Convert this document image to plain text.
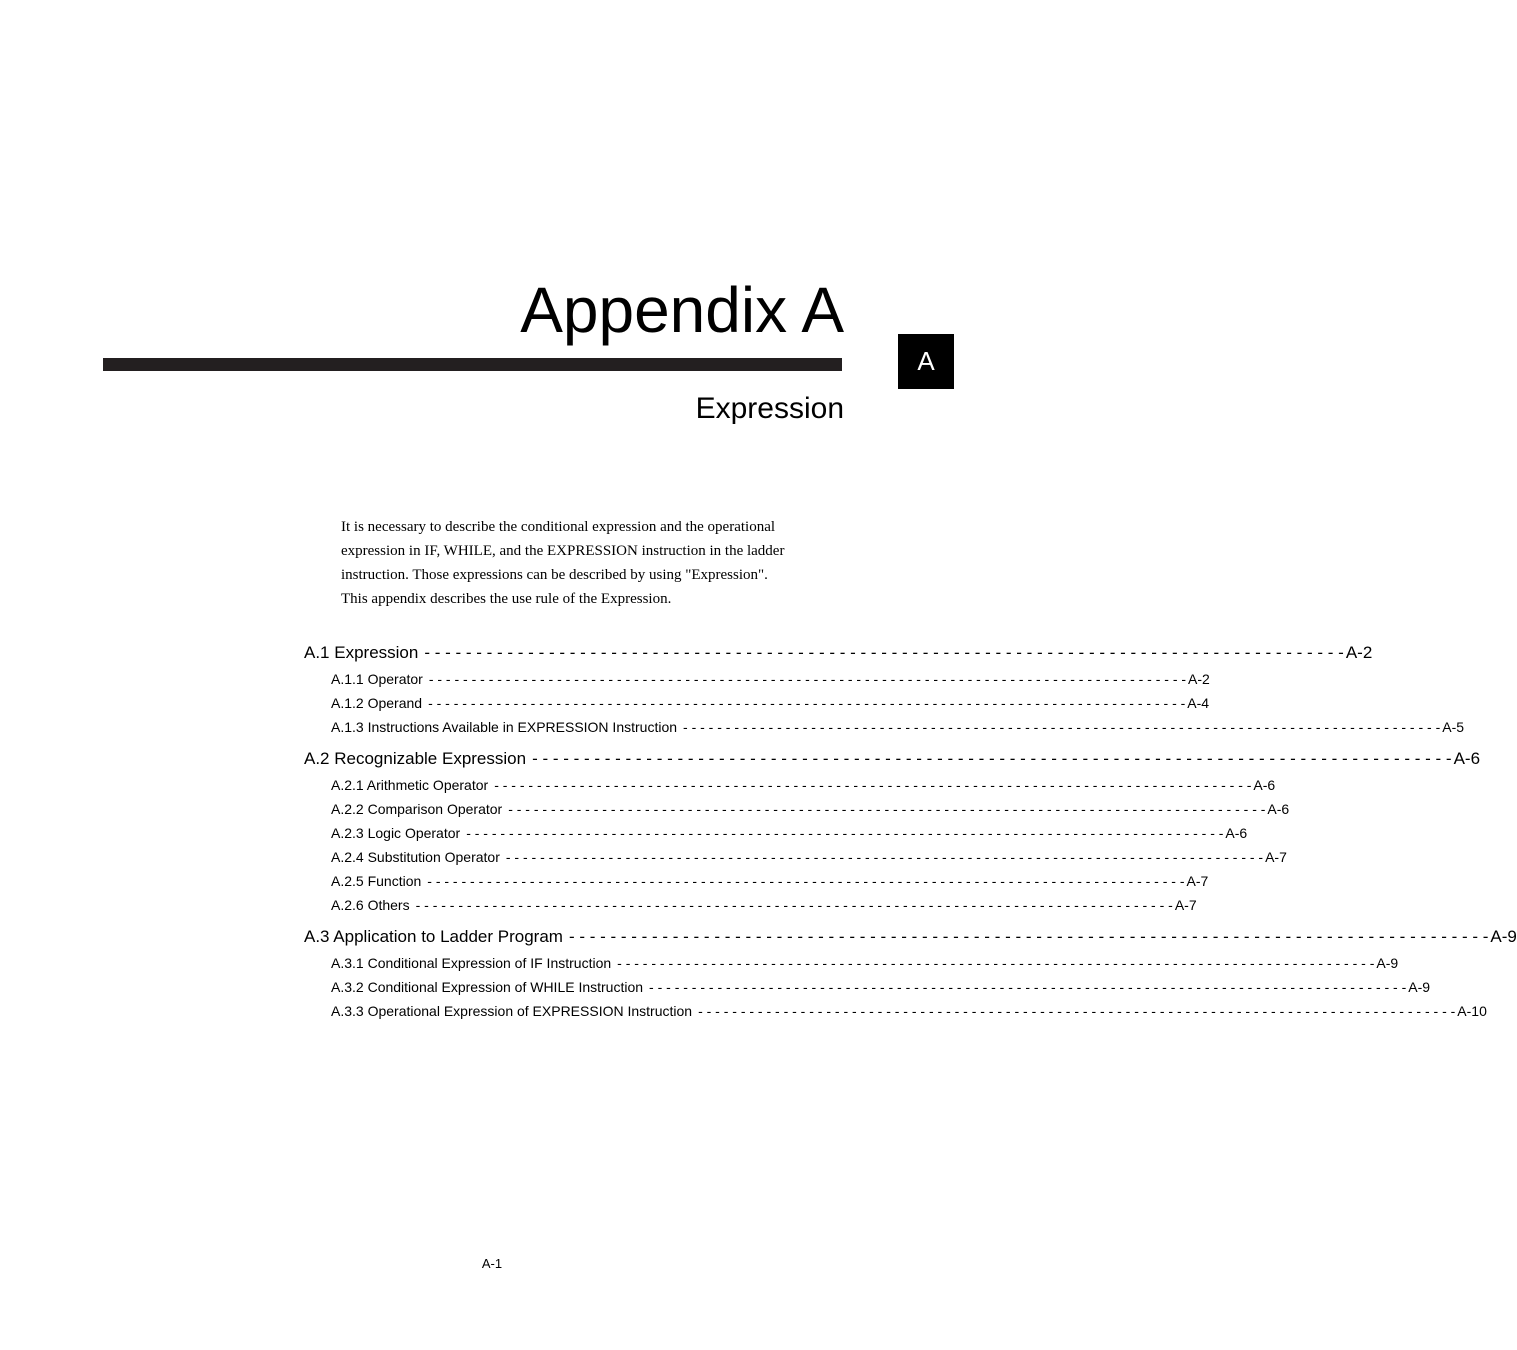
Appendix A
Expression
A
It is necessary to describe the conditional expression and the operational
expression in IF, WHILE, and the EXPRESSION instruction in the ladder
instruction. Those expressions can be described by using "Expression".
This appendix describes the use rule of the Expression.
A.1 Expression - - - - - - - - - - - - - - - - - - - - - - - - - - - - - - - - - - - - - - - - - - - - - - - - - - - - - - - - - - - - - - - - - - - - - - - - - - - - - - - - - - - - - - - - - A-2
A.1.1 Operator - - - - - - - - - - - - - - - - - - - - - - - - - - - - - - - - - - - - - - - - - - - - - - - - - - - - - - - - - - - - - - - - - - - - - - - - - - - - - - - - - - - - - - - - - A-2
A.1.2 Operand - - - - - - - - - - - - - - - - - - - - - - - - - - - - - - - - - - - - - - - - - - - - - - - - - - - - - - - - - - - - - - - - - - - - - - - - - - - - - - - - - - - - - - - - - A-4
A.1.3 Instructions Available in EXPRESSION Instruction - - - - - - - - - - - - - - - - - - - - - - - - - - - - - - - - - - - - - - - - - - - - - - - - - - - - - - - - - - - - - - - - - - - - - - - - - - - - - - - - - - - - - - - - - A-5
A.2 Recognizable Expression - - - - - - - - - - - - - - - - - - - - - - - - - - - - - - - - - - - - - - - - - - - - - - - - - - - - - - - - - - - - - - - - - - - - - - - - - - - - - - - - - - - - - - - - - A-6
A.2.1 Arithmetic Operator - - - - - - - - - - - - - - - - - - - - - - - - - - - - - - - - - - - - - - - - - - - - - - - - - - - - - - - - - - - - - - - - - - - - - - - - - - - - - - - - - - - - - - - - - A-6
A.2.2 Comparison Operator - - - - - - - - - - - - - - - - - - - - - - - - - - - - - - - - - - - - - - - - - - - - - - - - - - - - - - - - - - - - - - - - - - - - - - - - - - - - - - - - - - - - - - - - - A-6
A.2.3 Logic Operator - - - - - - - - - - - - - - - - - - - - - - - - - - - - - - - - - - - - - - - - - - - - - - - - - - - - - - - - - - - - - - - - - - - - - - - - - - - - - - - - - - - - - - - - - A-6
A.2.4 Substitution Operator - - - - - - - - - - - - - - - - - - - - - - - - - - - - - - - - - - - - - - - - - - - - - - - - - - - - - - - - - - - - - - - - - - - - - - - - - - - - - - - - - - - - - - - - - A-7
A.2.5 Function - - - - - - - - - - - - - - - - - - - - - - - - - - - - - - - - - - - - - - - - - - - - - - - - - - - - - - - - - - - - - - - - - - - - - - - - - - - - - - - - - - - - - - - - - A-7
A.2.6 Others - - - - - - - - - - - - - - - - - - - - - - - - - - - - - - - - - - - - - - - - - - - - - - - - - - - - - - - - - - - - - - - - - - - - - - - - - - - - - - - - - - - - - - - - - A-7
A.3 Application to Ladder Program - - - - - - - - - - - - - - - - - - - - - - - - - - - - - - - - - - - - - - - - - - - - - - - - - - - - - - - - - - - - - - - - - - - - - - - - - - - - - - - - - - - - - - - - - A-9
A.3.1 Conditional Expression of IF Instruction - - - - - - - - - - - - - - - - - - - - - - - - - - - - - - - - - - - - - - - - - - - - - - - - - - - - - - - - - - - - - - - - - - - - - - - - - - - - - - - - - - - - - - - - - A-9
A.3.2 Conditional Expression of WHILE Instruction - - - - - - - - - - - - - - - - - - - - - - - - - - - - - - - - - - - - - - - - - - - - - - - - - - - - - - - - - - - - - - - - - - - - - - - - - - - - - - - - - - - - - - - - - A-9
A.3.3 Operational Expression of EXPRESSION Instruction - - - - - - - - - - - - - - - - - - - - - - - - - - - - - - - - - - - - - - - - - - - - - - - - - - - - - - - - - - - - - - - - - - - - - - - - - - - - - - - - - - - - - - - - - A-10
A-1
